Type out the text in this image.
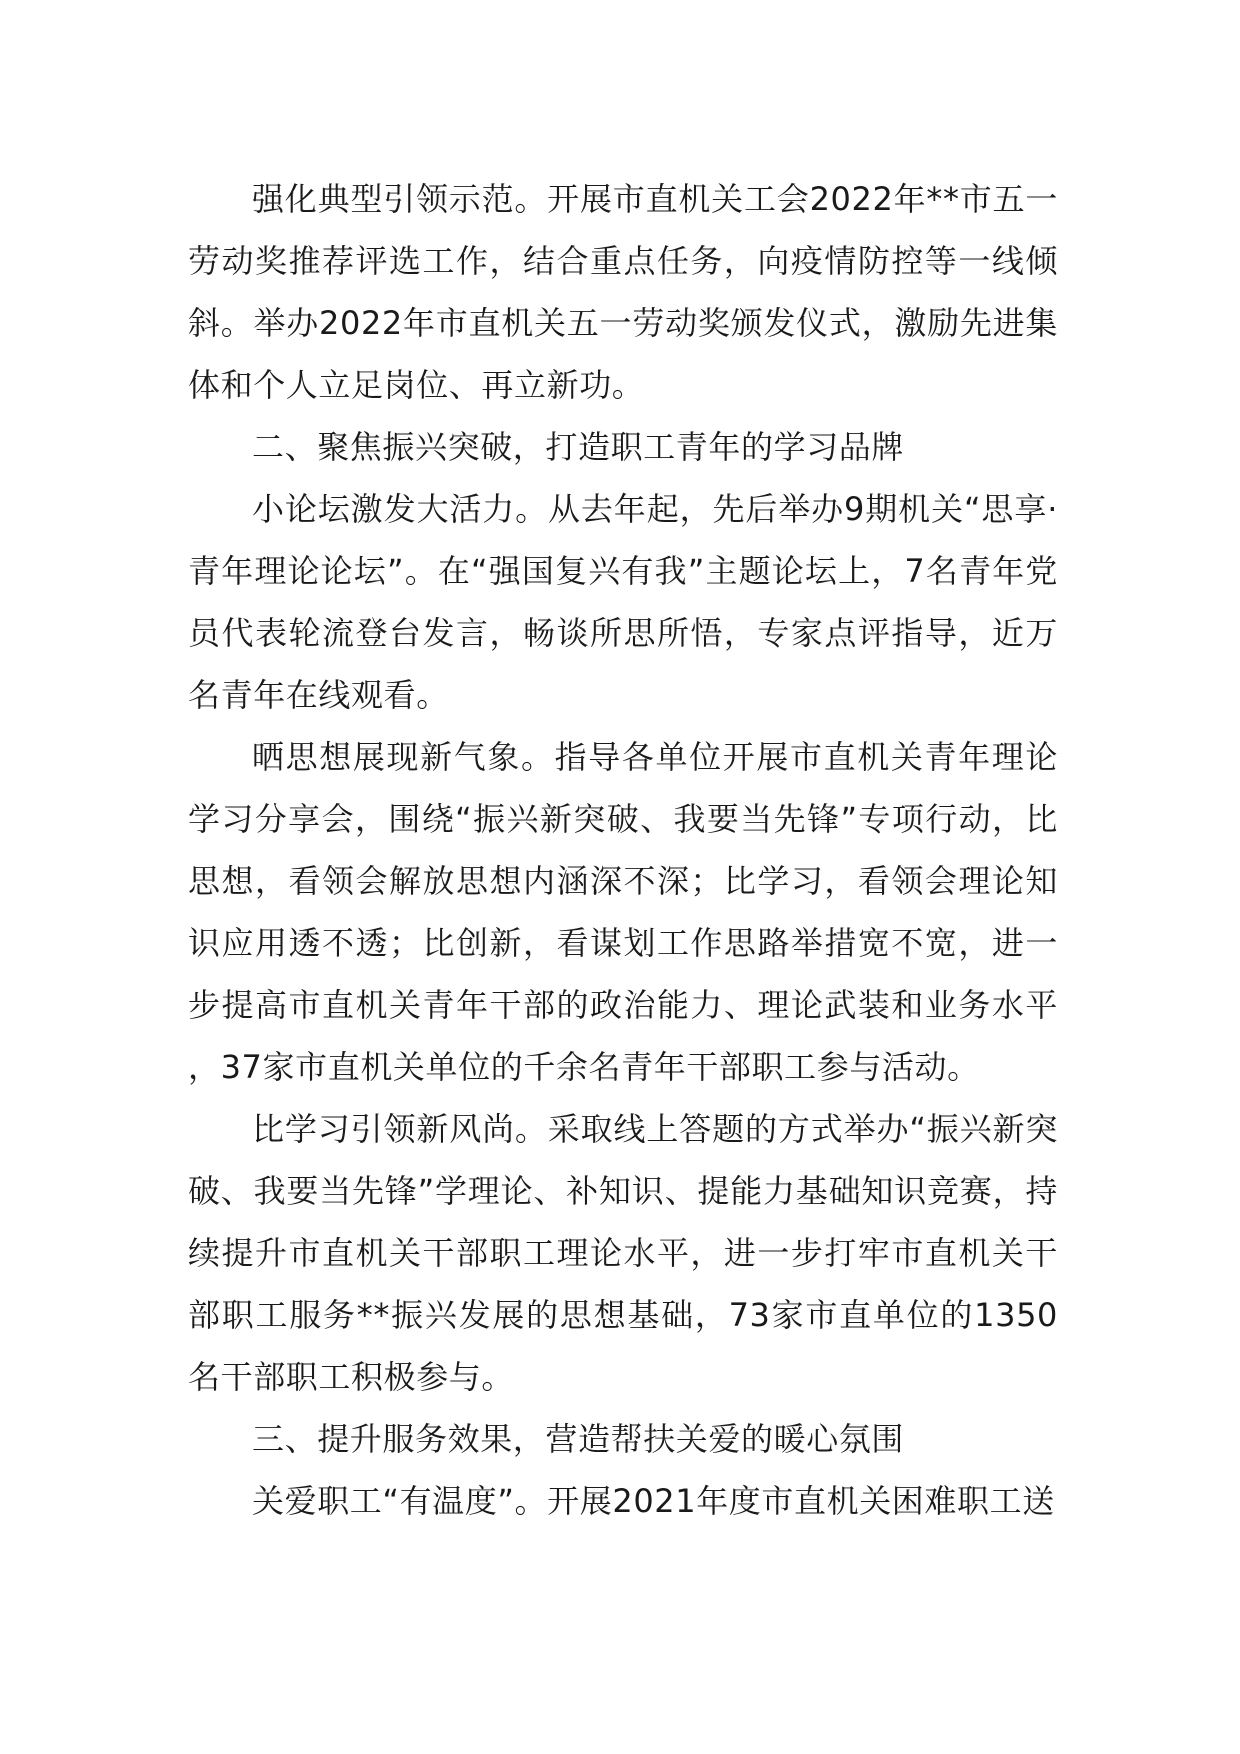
强化典型引领示范。开展市直机关工会2022年**市五一劳动奖推荐评选工作，结合重点任务，向疫情防控等一线倾斜。举办2022年市直机关五一劳动奖颁发仪式，激励先进集体和个人立足岗位、再立新功。

二、聚焦振兴突破，打造职工青年的学习品牌

小论坛激发大活力。从去年起，先后举办9期机关“思享·青年理论论坛”。在“强国复兴有我”主题论坛上，7名青年党员代表轮流登台发言，畅谈所思所悟，专家点评指导，近万名青年在线观看。

晒思想展现新气象。指导各单位开展市直机关青年理论学习分享会，围绕“振兴新突破、我要当先锋”专项行动，比思想，看领会解放思想内涵深不深；比学习，看领会理论知识应用透不透；比创新，看谋划工作思路举措宽不宽，进一步提高市直机关青年干部的政治能力、理论武装和业务水平，37家市直机关单位的千余名青年干部职工参与活动。

比学习引领新风尚。采取线上答题的方式举办“振兴新突破、我要当先锋”学理论、补知识、提能力基础知识竞赛，持续提升市直机关干部职工理论水平，进一步打牢市直机关干部职工服务**振兴发展的思想基础，73家市直单位的1350名干部职工积极参与。

三、提升服务效果，营造帮扶关爱的暖心氛围

关爱职工“有温度”。开展2021年度市直机关困难职工送
